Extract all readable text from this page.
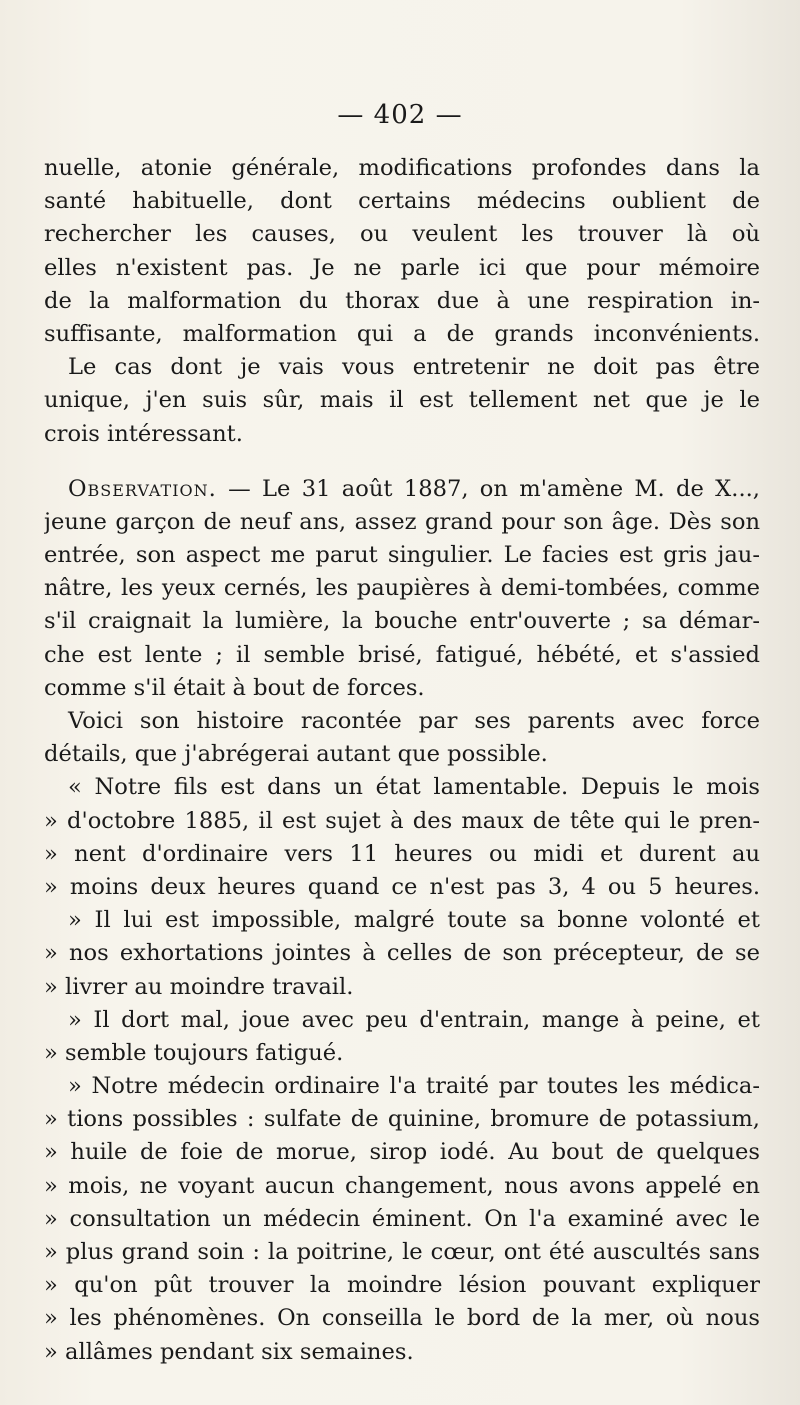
— 402 —
nuelle, atonie générale, modifications profondes dans la
santé habituelle, dont certains médecins oublient de
rechercher les causes, ou veulent les trouver là où
elles n'existent pas. Je ne parle ici que pour mémoire
de la malformation du thorax due à une respiration in-
suffisante, malformation qui a de grands inconvénients.
Le cas dont je vais vous entretenir ne doit pas être
unique, j'en suis sûr, mais il est tellement net que je le
crois intéressant.
Observation. — Le 31 août 1887, on m'amène M. de X...,
jeune garçon de neuf ans, assez grand pour son âge. Dès son
entrée, son aspect me parut singulier. Le facies est gris jau-
nâtre, les yeux cernés, les paupières à demi-tombées, comme
s'il craignait la lumière, la bouche entr'ouverte ; sa démar-
che est lente ; il semble brisé, fatigué, hébété, et s'assied
comme s'il était à bout de forces.
Voici son histoire racontée par ses parents avec force
détails, que j'abrégerai autant que possible.
« Notre fils est dans un état lamentable. Depuis le mois
» d'octobre 1885, il est sujet à des maux de tête qui le pren-
» nent d'ordinaire vers 11 heures ou midi et durent au
» moins deux heures quand ce n'est pas 3, 4 ou 5 heures.
» Il lui est impossible, malgré toute sa bonne volonté et
» nos exhortations jointes à celles de son précepteur, de se
» livrer au moindre travail.
» Il dort mal, joue avec peu d'entrain, mange à peine, et
» semble toujours fatigué.
» Notre médecin ordinaire l'a traité par toutes les médica-
» tions possibles : sulfate de quinine, bromure de potassium,
» huile de foie de morue, sirop iodé. Au bout de quelques
» mois, ne voyant aucun changement, nous avons appelé en
» consultation un médecin éminent. On l'a examiné avec le
» plus grand soin : la poitrine, le cœur, ont été auscultés sans
» qu'on pût trouver la moindre lésion pouvant expliquer
» les phénomènes. On conseilla le bord de la mer, où nous
» allâmes pendant six semaines.
